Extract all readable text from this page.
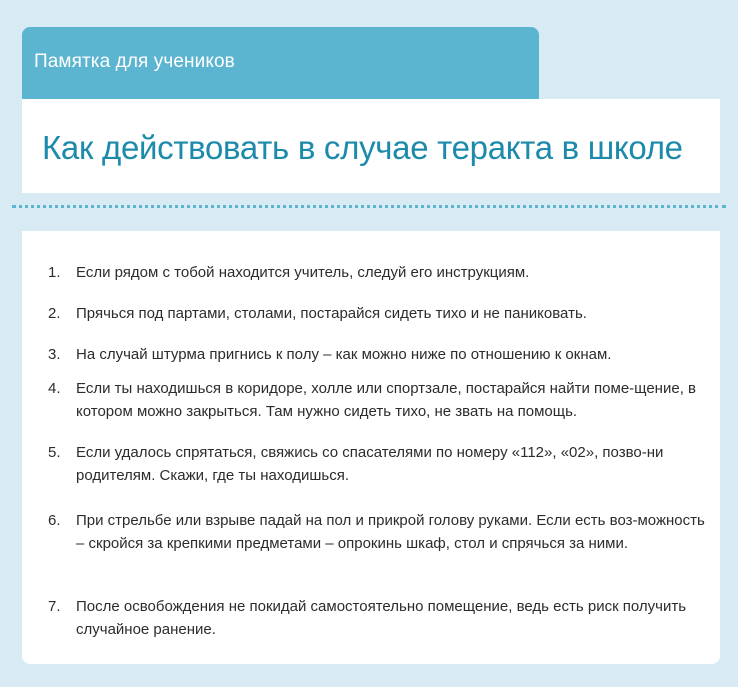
Памятка для учеников
Как действовать в случае теракта в школе
1.	Если рядом с тобой находится учитель, следуй его инструкциям.
2.	Прячься под партами, столами, постарайся сидеть тихо и не паниковать.
3.	На случай штурма пригнись к полу – как можно ниже по отношению к окнам.
4.	Если ты находишься в коридоре, холле или спортзале, постарайся найти поме-щение, в котором можно закрыться. Там нужно сидеть тихо, не звать на помощь.
5.	Если удалось спрятаться, свяжись со спасателями по номеру «112», «02», позво-ни родителям. Скажи, где ты находишься.
6.	При стрельбе или взрыве падай на пол и прикрой голову руками. Если есть воз-можность – скройся за крепкими предметами – опрокинь шкаф, стол и спрячься за ними.
7.	После освобождения не покидай самостоятельно помещение, ведь есть риск получить случайное ранение.
